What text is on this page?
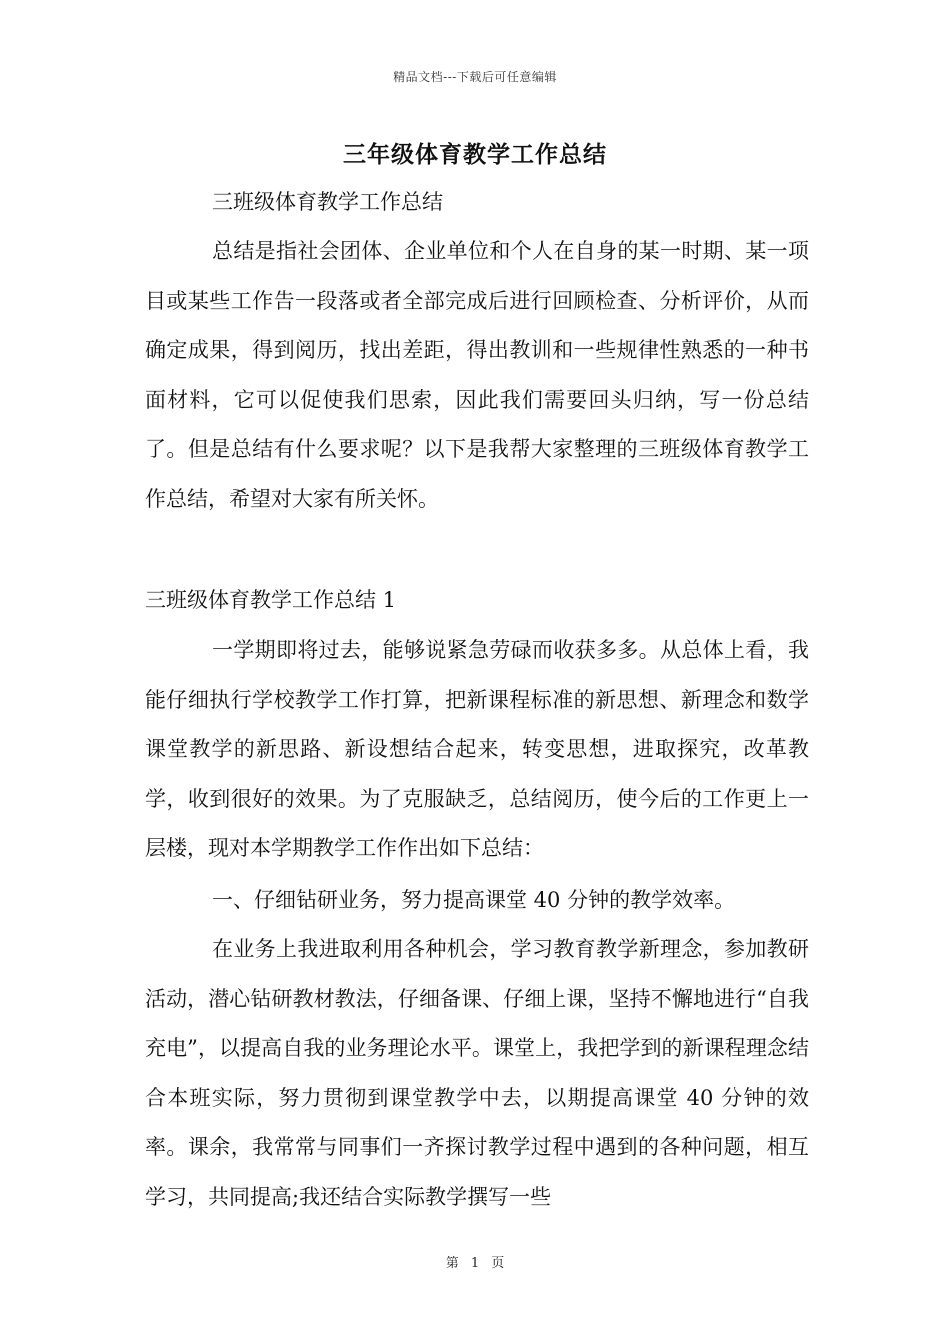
精品文档---下载后可任意编辑
三年级体育教学工作总结

三班级体育教学工作总结

总结是指社会团体、企业单位和个人在自身的某一时期、某一项目或某些工作告一段落或者全部完成后进行回顾检查、分析评价，从而确定成果，得到阅历，找出差距，得出教训和一些规律性熟悉的一种书面材料，它可以促使我们思索，因此我们需要回头归纳，写一份总结了。但是总结有什么要求呢？以下是我帮大家整理的三班级体育教学工作总结，希望对大家有所关怀。

三班级体育教学工作总结 1

一学期即将过去，能够说紧急劳碌而收获多多。从总体上看，我能仔细执行学校教学工作打算，把新课程标准的新思想、新理念和数学课堂教学的新思路、新设想结合起来，转变思想，进取探究，改革教学，收到很好的效果。为了克服缺乏，总结阅历，使今后的工作更上一层楼，现对本学期教学工作作出如下总结：

一、仔细钻研业务，努力提高课堂 40 分钟的教学效率。

在业务上我进取利用各种机会，学习教育教学新理念，参加教研活动，潜心钻研教材教法，仔细备课、仔细上课，坚持不懈地进行“自我充电”，以提高自我的业务理论水平。课堂上，我把学到的新课程理念结合本班实际，努力贯彻到课堂教学中去，以期提高课堂 40 分钟的效率。课余，我常常与同事们一齐探讨教学过程中遇到的各种问题，相互学习，共同提高;我还结合实际教学撰写一些

第 1 页
